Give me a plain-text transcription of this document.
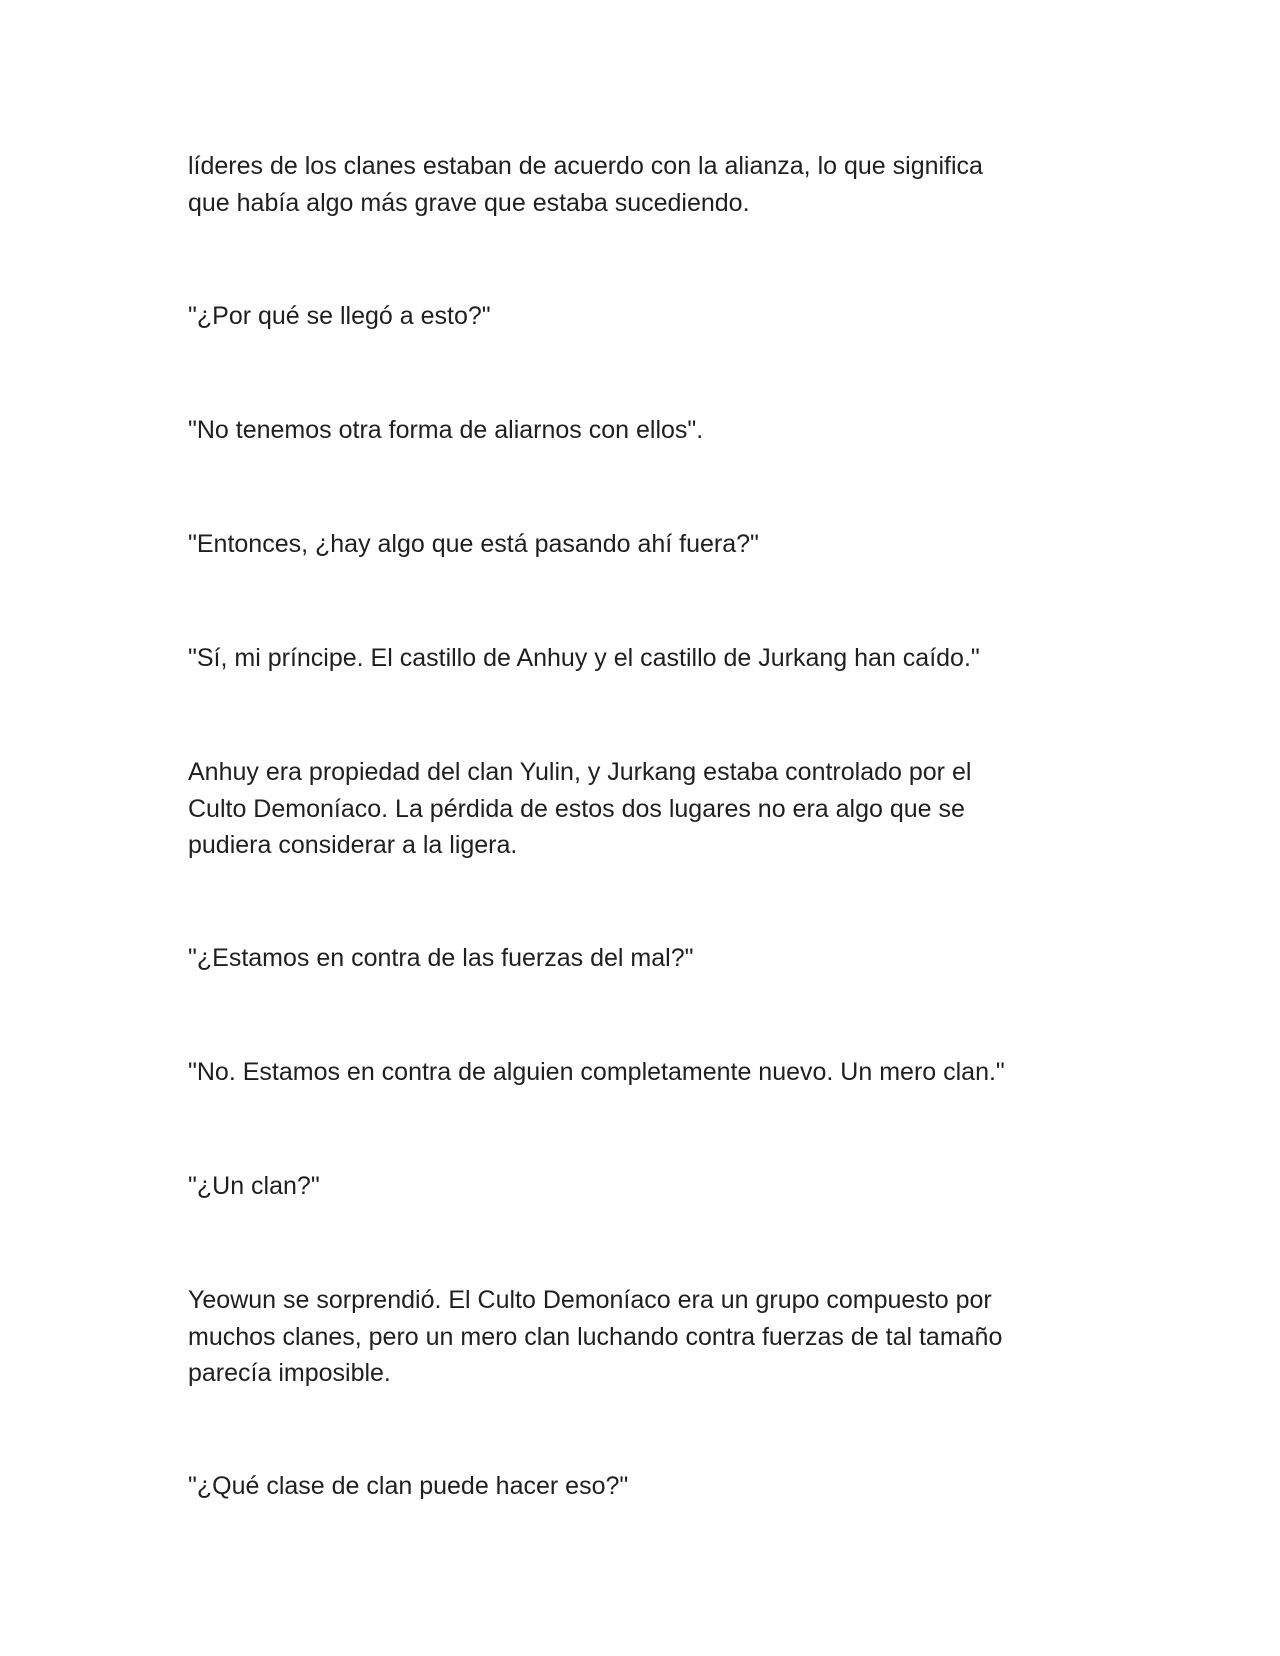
líderes de los clanes estaban de acuerdo con la alianza, lo que significa
que había algo más grave que estaba sucediendo.

"¿Por qué se llegó a esto?"

"No tenemos otra forma de aliarnos con ellos".

"Entonces, ¿hay algo que está pasando ahí fuera?"

"Sí, mi príncipe. El castillo de Anhuy y el castillo de Jurkang han caído."

Anhuy era propiedad del clan Yulin, y Jurkang estaba controlado por el
Culto Demoníaco. La pérdida de estos dos lugares no era algo que se
pudiera considerar a la ligera.

"¿Estamos en contra de las fuerzas del mal?"

"No. Estamos en contra de alguien completamente nuevo. Un mero clan."

"¿Un clan?"

Yeowun se sorprendió. El Culto Demoníaco era un grupo compuesto por
muchos clanes, pero un mero clan luchando contra fuerzas de tal tamaño
parecía imposible.

"¿Qué clase de clan puede hacer eso?"
